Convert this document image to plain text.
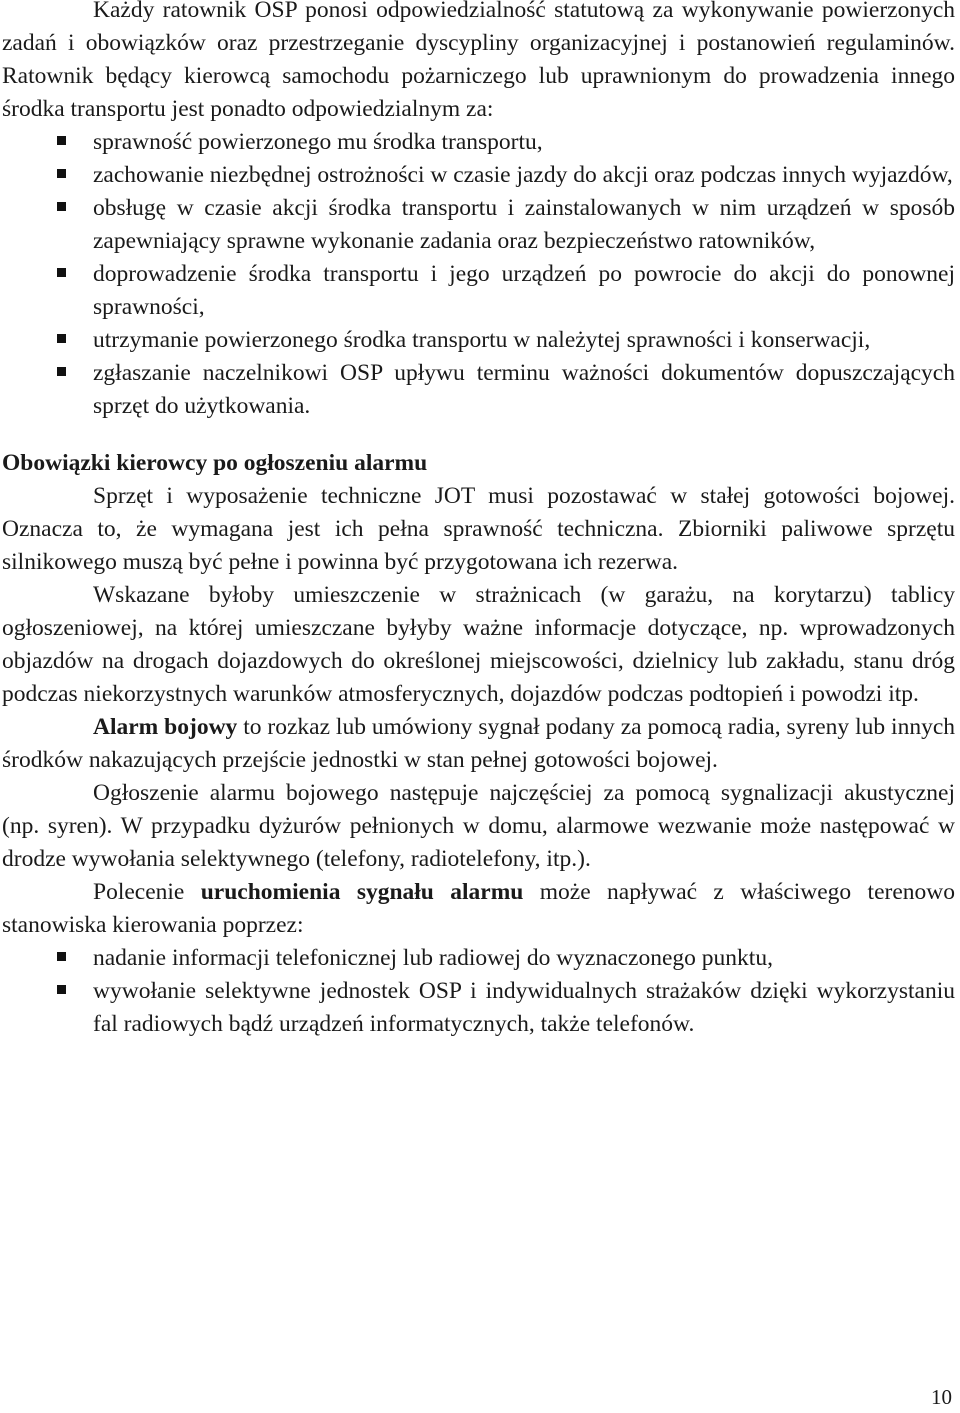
Każdy ratownik OSP ponosi odpowiedzialność statutową za wykonywanie powierzonych zadań i obowiązków oraz przestrzeganie dyscypliny organizacyjnej i postanowień regulaminów. Ratownik będący kierowcą samochodu pożarniczego lub uprawnionym do prowadzenia innego środka transportu jest ponadto odpowiedzialnym za:

sprawność powierzonego mu środka transportu,
zachowanie niezbędnej ostrożności w czasie jazdy do akcji oraz podczas innych wyjazdów,
obsługę w czasie akcji środka transportu i zainstalowanych w nim urządzeń w sposób zapewniający sprawne wykonanie zadania oraz bezpieczeństwo ratowników,
doprowadzenie środka transportu i jego urządzeń po powrocie do akcji do ponownej sprawności,
utrzymanie powierzonego środka transportu w należytej sprawności i konserwacji,
zgłaszanie naczelnikowi OSP upływu terminu ważności dokumentów dopuszczających sprzęt do użytkowania.
Obowiązki kierowcy po ogłoszeniu alarmu

Sprzęt i wyposażenie techniczne JOT musi pozostawać w stałej gotowości bojowej. Oznacza to, że wymagana jest ich pełna sprawność techniczna. Zbiorniki paliwowe sprzętu silnikowego muszą być pełne i powinna być przygotowana ich rezerwa.

Wskazane byłoby umieszczenie w strażnicach (w garażu, na korytarzu) tablicy ogłoszeniowej, na której umieszczane byłyby ważne informacje dotyczące, np. wprowadzonych objazdów na drogach dojazdowych do określonej miejscowości, dzielnicy lub zakładu, stanu dróg podczas niekorzystnych warunków atmosferycznych, dojazdów podczas podtopień i powodzi itp.

Alarm bojowy to rozkaz lub umówiony sygnał podany za pomocą radia, syreny lub innych środków nakazujących przejście jednostki w stan pełnej gotowości bojowej.

Ogłoszenie alarmu bojowego następuje najczęściej za pomocą sygnalizacji akustycznej (np. syren). W przypadku dyżurów pełnionych w domu, alarmowe wezwanie może następować w drodze wywołania selektywnego (telefony, radiotelefony, itp.).

Polecenie uruchomienia sygnału alarmu może napływać z właściwego terenowo stanowiska kierowania poprzez:

nadanie informacji telefonicznej lub radiowej do wyznaczonego punktu,
wywołanie selektywne jednostek OSP i indywidualnych strażaków dzięki wykorzystaniu fal radiowych bądź urządzeń informatycznych, także telefonów.
10
